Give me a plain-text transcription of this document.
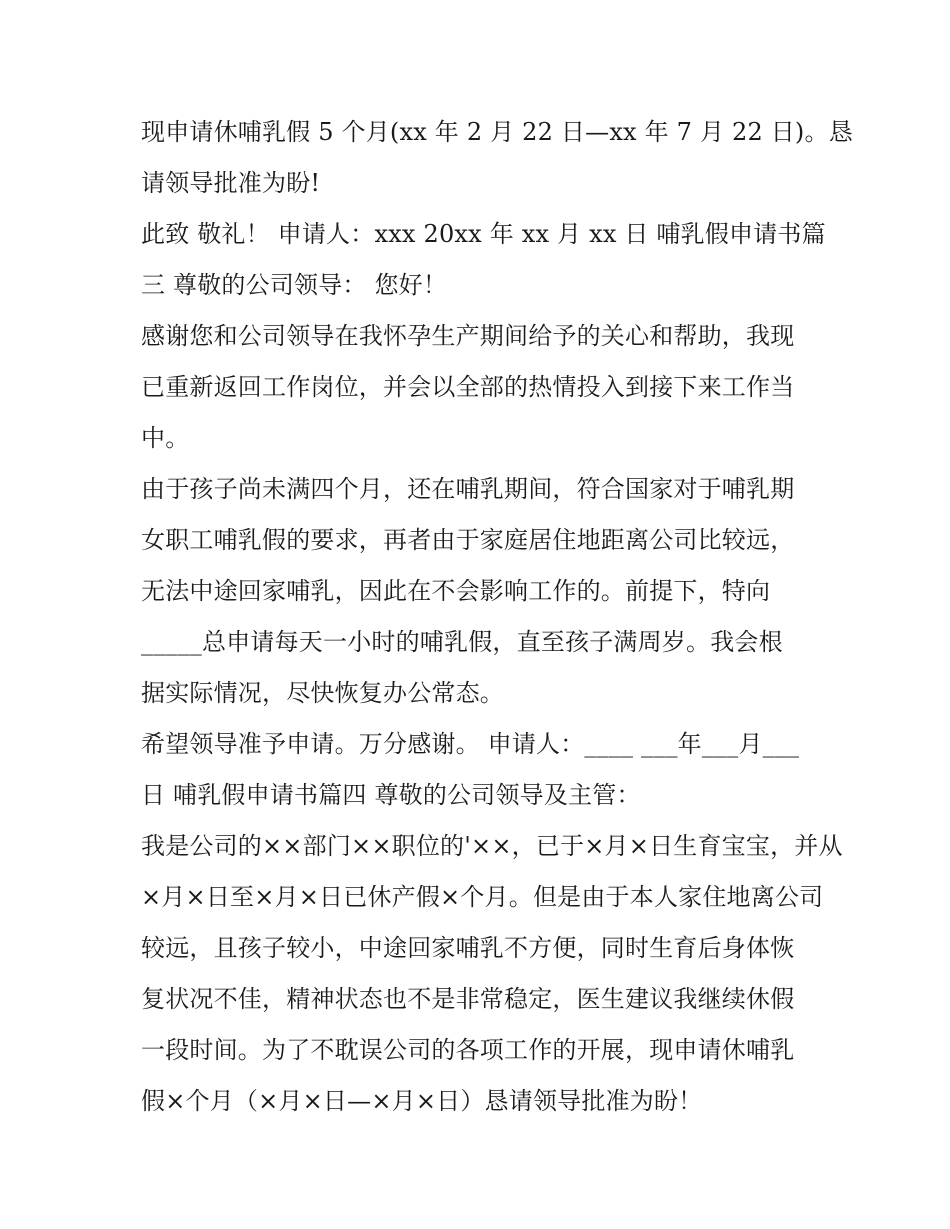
现申请休哺乳假 5 个月(xx 年 2 月 22 日—xx 年 7 月 22 日)。恳
请领导批准为盼!
此致 敬礼！ 申请人：xxx 20xx 年 xx 月 xx 日 哺乳假申请书篇
三 尊敬的公司领导： 您好！
感谢您和公司领导在我怀孕生产期间给予的关心和帮助，我现
已重新返回工作岗位，并会以全部的热情投入到接下来工作当
中。
由于孩子尚未满四个月，还在哺乳期间，符合国家对于哺乳期
女职工哺乳假的要求，再者由于家庭居住地距离公司比较远，
无法中途回家哺乳，因此在不会影响工作的。前提下，特向
_____总申请每天一小时的哺乳假，直至孩子满周岁。我会根
据实际情况，尽快恢复办公常态。
希望领导准予申请。万分感谢。 申请人：____ ___年___月___
日 哺乳假申请书篇四 尊敬的公司领导及主管：
我是公司的××部门××职位的'××，已于×月×日生育宝宝，并从
×月×日至×月×日已休产假×个月。但是由于本人家住地离公司
较远，且孩子较小，中途回家哺乳不方便，同时生育后身体恢
复状况不佳，精神状态也不是非常稳定，医生建议我继续休假
一段时间。为了不耽误公司的各项工作的开展，现申请休哺乳
假×个月（×月×日—×月×日）恳请领导批准为盼！
